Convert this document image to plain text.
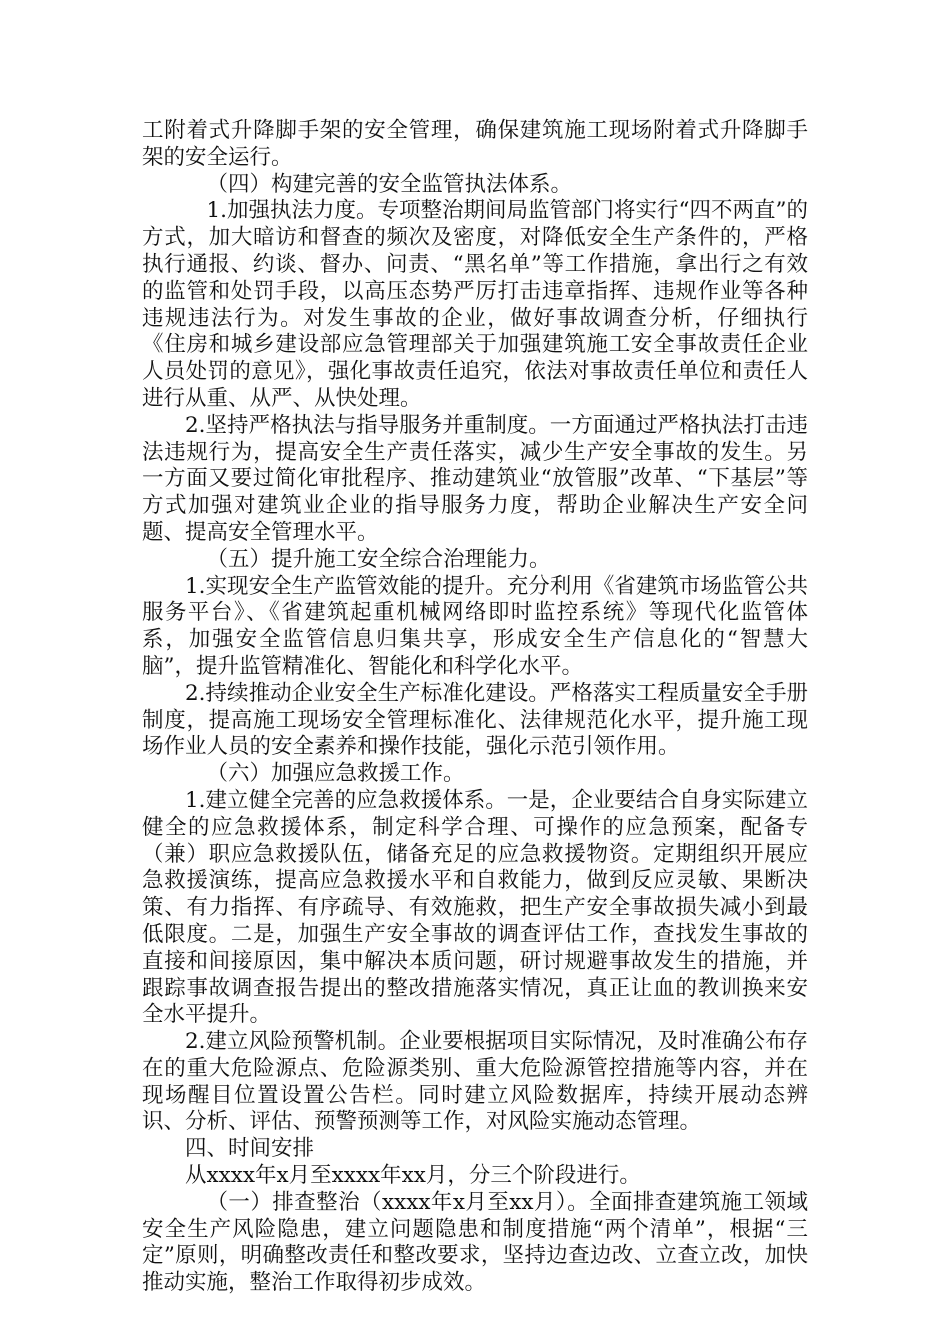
工附着式升降脚手架的安全管理，确保建筑施工现场附着式升降脚手架的安全运行。

（四）构建完善的安全监管执法体系。

1.加强执法力度。专项整治期间局监管部门将实行“四不两直”的方式，加大暗访和督查的频次及密度，对降低安全生产条件的，严格执行通报、约谈、督办、问责、“黑名单”等工作措施，拿出行之有效的监管和处罚手段，以高压态势严厉打击违章指挥、违规作业等各种违规违法行为。对发生事故的企业，做好事故调查分析，仔细执行《住房和城乡建设部应急管理部关于加强建筑施工安全事故责任企业人员处罚的意见》，强化事故责任追究，依法对事故责任单位和责任人进行从重、从严、从快处理。

2.坚持严格执法与指导服务并重制度。一方面通过严格执法打击违法违规行为，提高安全生产责任落实，减少生产安全事故的发生。另一方面又要过简化审批程序、推动建筑业“放管服”改革、“下基层”等方式加强对建筑业企业的指导服务力度，帮助企业解决生产安全问题、提高安全管理水平。

（五）提升施工安全综合治理能力。

1.实现安全生产监管效能的提升。充分利用《省建筑市场监管公共服务平台》、《省建筑起重机械网络即时监控系统》等现代化监管体系，加强安全监管信息归集共享，形成安全生产信息化的“智慧大脑”，提升监管精准化、智能化和科学化水平。

2.持续推动企业安全生产标准化建设。严格落实工程质量安全手册制度，提高施工现场安全管理标准化、法律规范化水平，提升施工现场作业人员的安全素养和操作技能，强化示范引领作用。

（六）加强应急救援工作。

1.建立健全完善的应急救援体系。一是，企业要结合自身实际建立健全的应急救援体系，制定科学合理、可操作的应急预案，配备专（兼）职应急救援队伍，储备充足的应急救援物资。定期组织开展应急救援演练，提高应急救援水平和自救能力，做到反应灵敏、果断决策、有力指挥、有序疏导、有效施救，把生产安全事故损失减小到最低限度。二是，加强生产安全事故的调查评估工作，查找发生事故的直接和间接原因，集中解决本质问题，研讨规避事故发生的措施，并跟踪事故调查报告提出的整改措施落实情况，真正让血的教训换来安全水平提升。

2.建立风险预警机制。企业要根据项目实际情况，及时准确公布存在的重大危险源点、危险源类别、重大危险源管控措施等内容，并在现场醒目位置设置公告栏。同时建立风险数据库，持续开展动态辨识、分析、评估、预警预测等工作，对风险实施动态管理。

四、时间安排

从xxxx年x月至xxxx年xx月，分三个阶段进行。

（一）排查整治（xxxx年x月至xx月）。全面排查建筑施工领域安全生产风险隐患，建立问题隐患和制度措施“两个清单”，根据“三定”原则，明确整改责任和整改要求，坚持边查边改、立查立改，加快推动实施，整治工作取得初步成效。
